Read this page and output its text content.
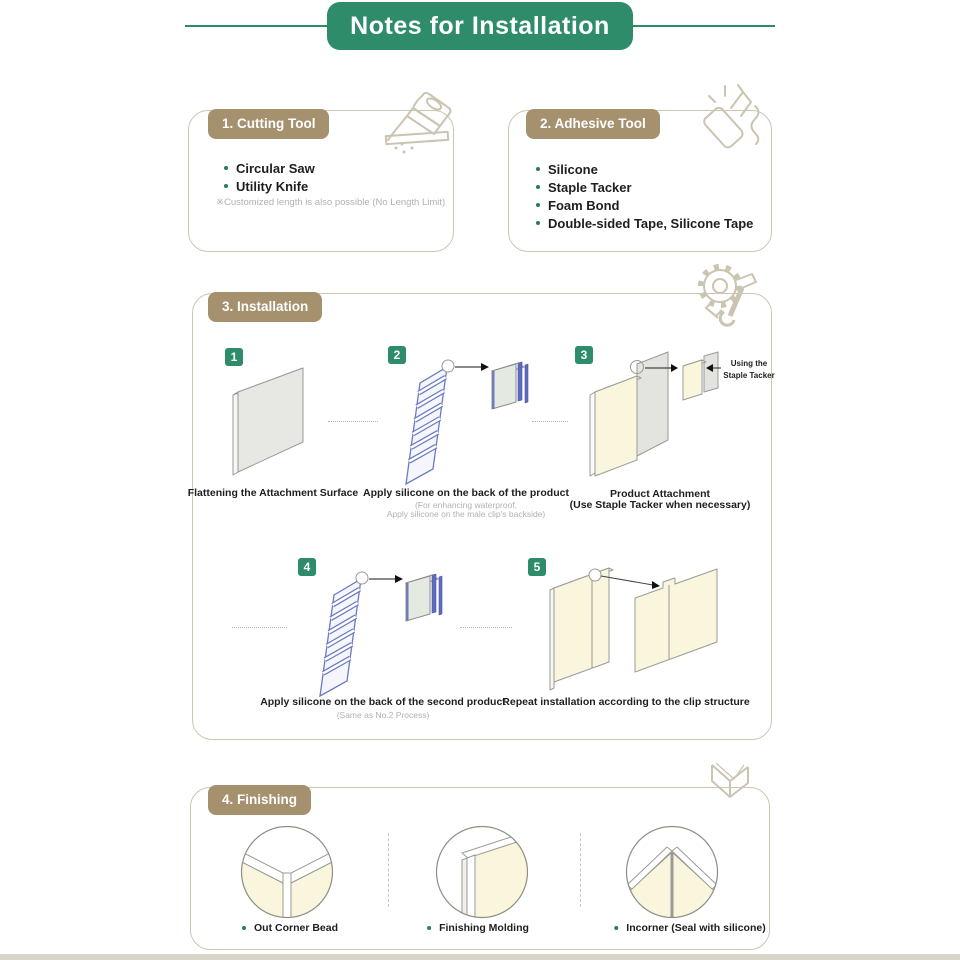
Notes for Installation
1. Cutting Tool
Circular Saw
Utility Knife
※Customized length is also possible (No Length Limit)
2. Adhesive Tool
Silicone
Staple Tacker
Foam Bond
Double-sided Tape, Silicone Tape
3. Installation
1	2	3
4	5
Using the Staple Tacker
Flattening the Attachment Surface Apply silicone on the back of the product
(For enhancing waterproof,
Apply silicone on the male clip's backside)
Product Attachment
(Use Staple Tacker when necessary)
Apply silicone on the back of the second product
(Same as No.2 Process)
Repeat installation according to the clip structure
4. Finishing
Out Corner Bead	Finishing Molding	Incorner (Seal with silicone)
